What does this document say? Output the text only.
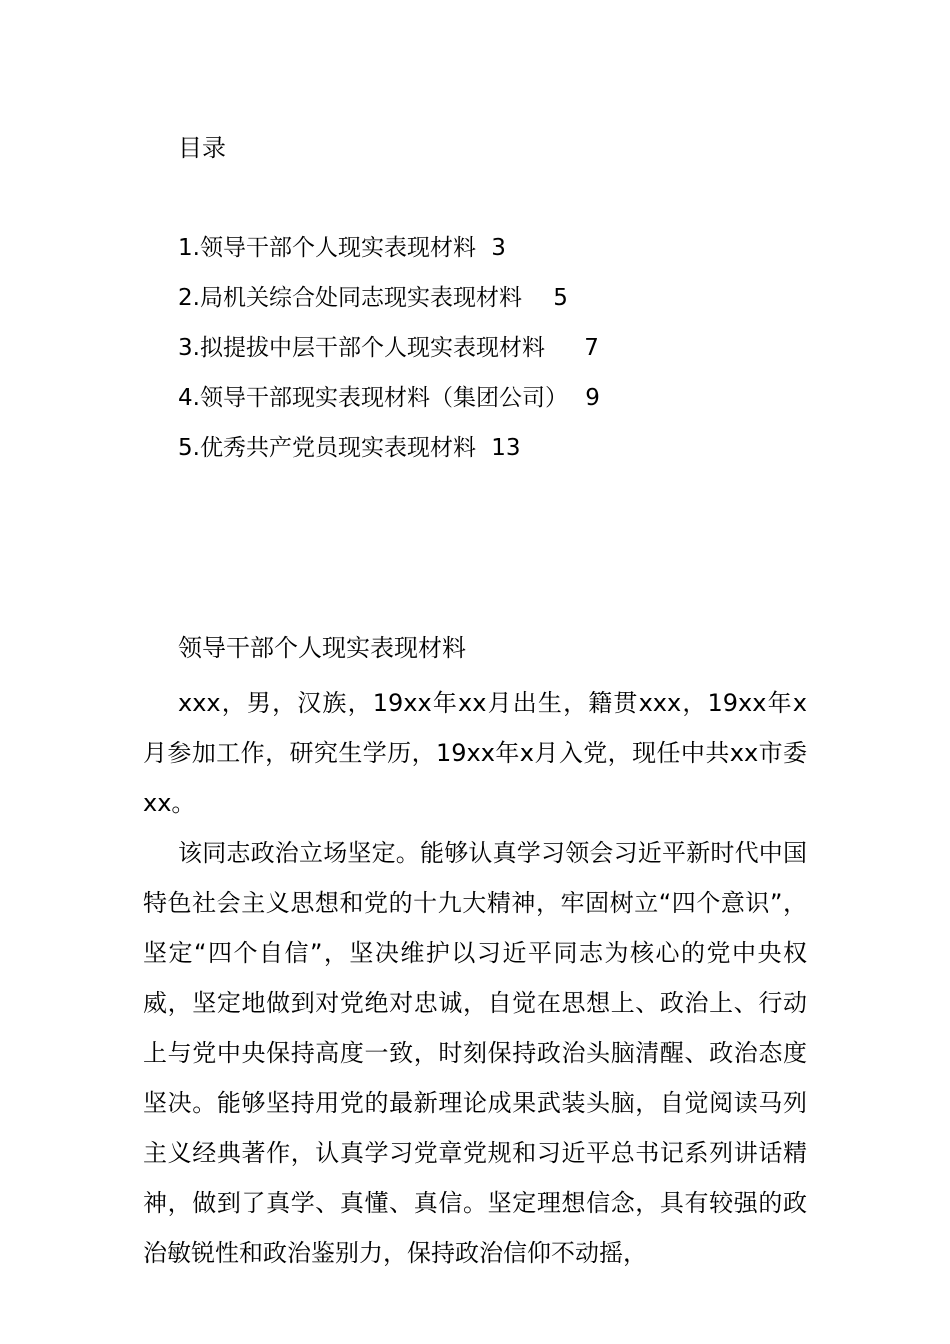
目录
1.领导干部个人现实表现材料 3
2.局机关综合处同志现实表现材料 5
3.拟提拔中层干部个人现实表现材料 7
4.领导干部现实表现材料（集团公司） 9
5.优秀共产党员现实表现材料 13
领导干部个人现实表现材料

xxx，男，汉族，19xx年xx月出生，籍贯xxx，19xx年x月参加工作，研究生学历，19xx年x月入党，现任中共xx市委xx。

该同志政治立场坚定。能够认真学习领会习近平新时代中国特色社会主义思想和党的十九大精神，牢固树立“四个意识”，坚定“四个自信”，坚决维护以习近平同志为核心的党中央权威，坚定地做到对党绝对忠诚，自觉在思想上、政治上、行动上与党中央保持高度一致，时刻保持政治头脑清醒、政治态度坚决。能够坚持用党的最新理论成果武装头脑，自觉阅读马列主义经典著作，认真学习党章党规和习近平总书记系列讲话精神，做到了真学、真懂、真信。坚定理想信念，具有较强的政治敏锐性和政治鉴别力，保持政治信仰不动摇，
